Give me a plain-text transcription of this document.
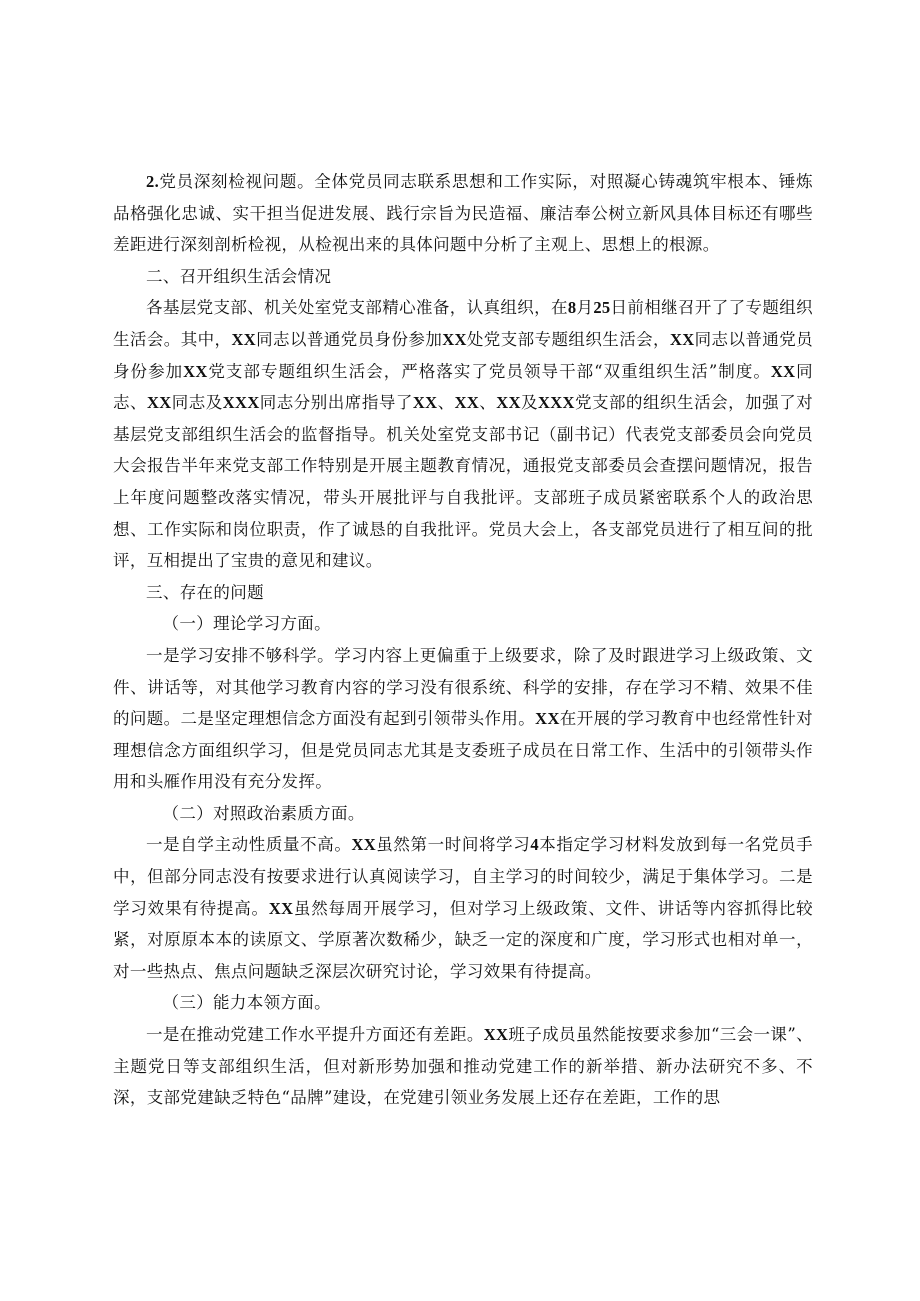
2.党员深刻检视问题。全体党员同志联系思想和工作实际，对照凝心铸魂筑牢根本、锤炼品格强化忠诚、实干担当促进发展、践行宗旨为民造福、廉洁奉公树立新风具体目标还有哪些差距进行深刻剖析检视，从检视出来的具体问题中分析了主观上、思想上的根源。

二、召开组织生活会情况

各基层党支部、机关处室党支部精心准备，认真组织，在8月25日前相继召开了了专题组织生活会。其中，XX同志以普通党员身份参加XX处党支部专题组织生活会，XX同志以普通党员身份参加XX党支部专题组织生活会，严格落实了党员领导干部“双重组织生活”制度。XX同志、XX同志及XXX同志分别出席指导了XX、XX、XX及XXX党支部的组织生活会，加强了对基层党支部组织生活会的监督指导。机关处室党支部书记（副书记）代表党支部委员会向党员大会报告半年来党支部工作特别是开展主题教育情况，通报党支部委员会查摆问题情况，报告上年度问题整改落实情况，带头开展批评与自我批评。支部班子成员紧密联系个人的政治思想、工作实际和岗位职责，作了诚恳的自我批评。党员大会上，各支部党员进行了相互间的批评，互相提出了宝贵的意见和建议。

三、存在的问题

（一）理论学习方面。

一是学习安排不够科学。学习内容上更偏重于上级要求，除了及时跟进学习上级政策、文件、讲话等，对其他学习教育内容的学习没有很系统、科学的安排，存在学习不精、效果不佳的问题。二是坚定理想信念方面没有起到引领带头作用。XX在开展的学习教育中也经常性针对理想信念方面组织学习，但是党员同志尤其是支委班子成员在日常工作、生活中的引领带头作用和头雁作用没有充分发挥。

（二）对照政治素质方面。

一是自学主动性质量不高。XX虽然第一时间将学习4本指定学习材料发放到每一名党员手中，但部分同志没有按要求进行认真阅读学习，自主学习的时间较少，满足于集体学习。二是学习效果有待提高。XX虽然每周开展学习，但对学习上级政策、文件、讲话等内容抓得比较紧，对原原本本的读原文、学原著次数稀少，缺乏一定的深度和广度，学习形式也相对单一，对一些热点、焦点问题缺乏深层次研究讨论，学习效果有待提高。

（三）能力本领方面。

一是在推动党建工作水平提升方面还有差距。XX班子成员虽然能按要求参加“三会一课”、主题党日等支部组织生活，但对新形势加强和推动党建工作的新举措、新办法研究不多、不深，支部党建缺乏特色“品牌”建设，在党建引领业务发展上还存在差距，工作的思
